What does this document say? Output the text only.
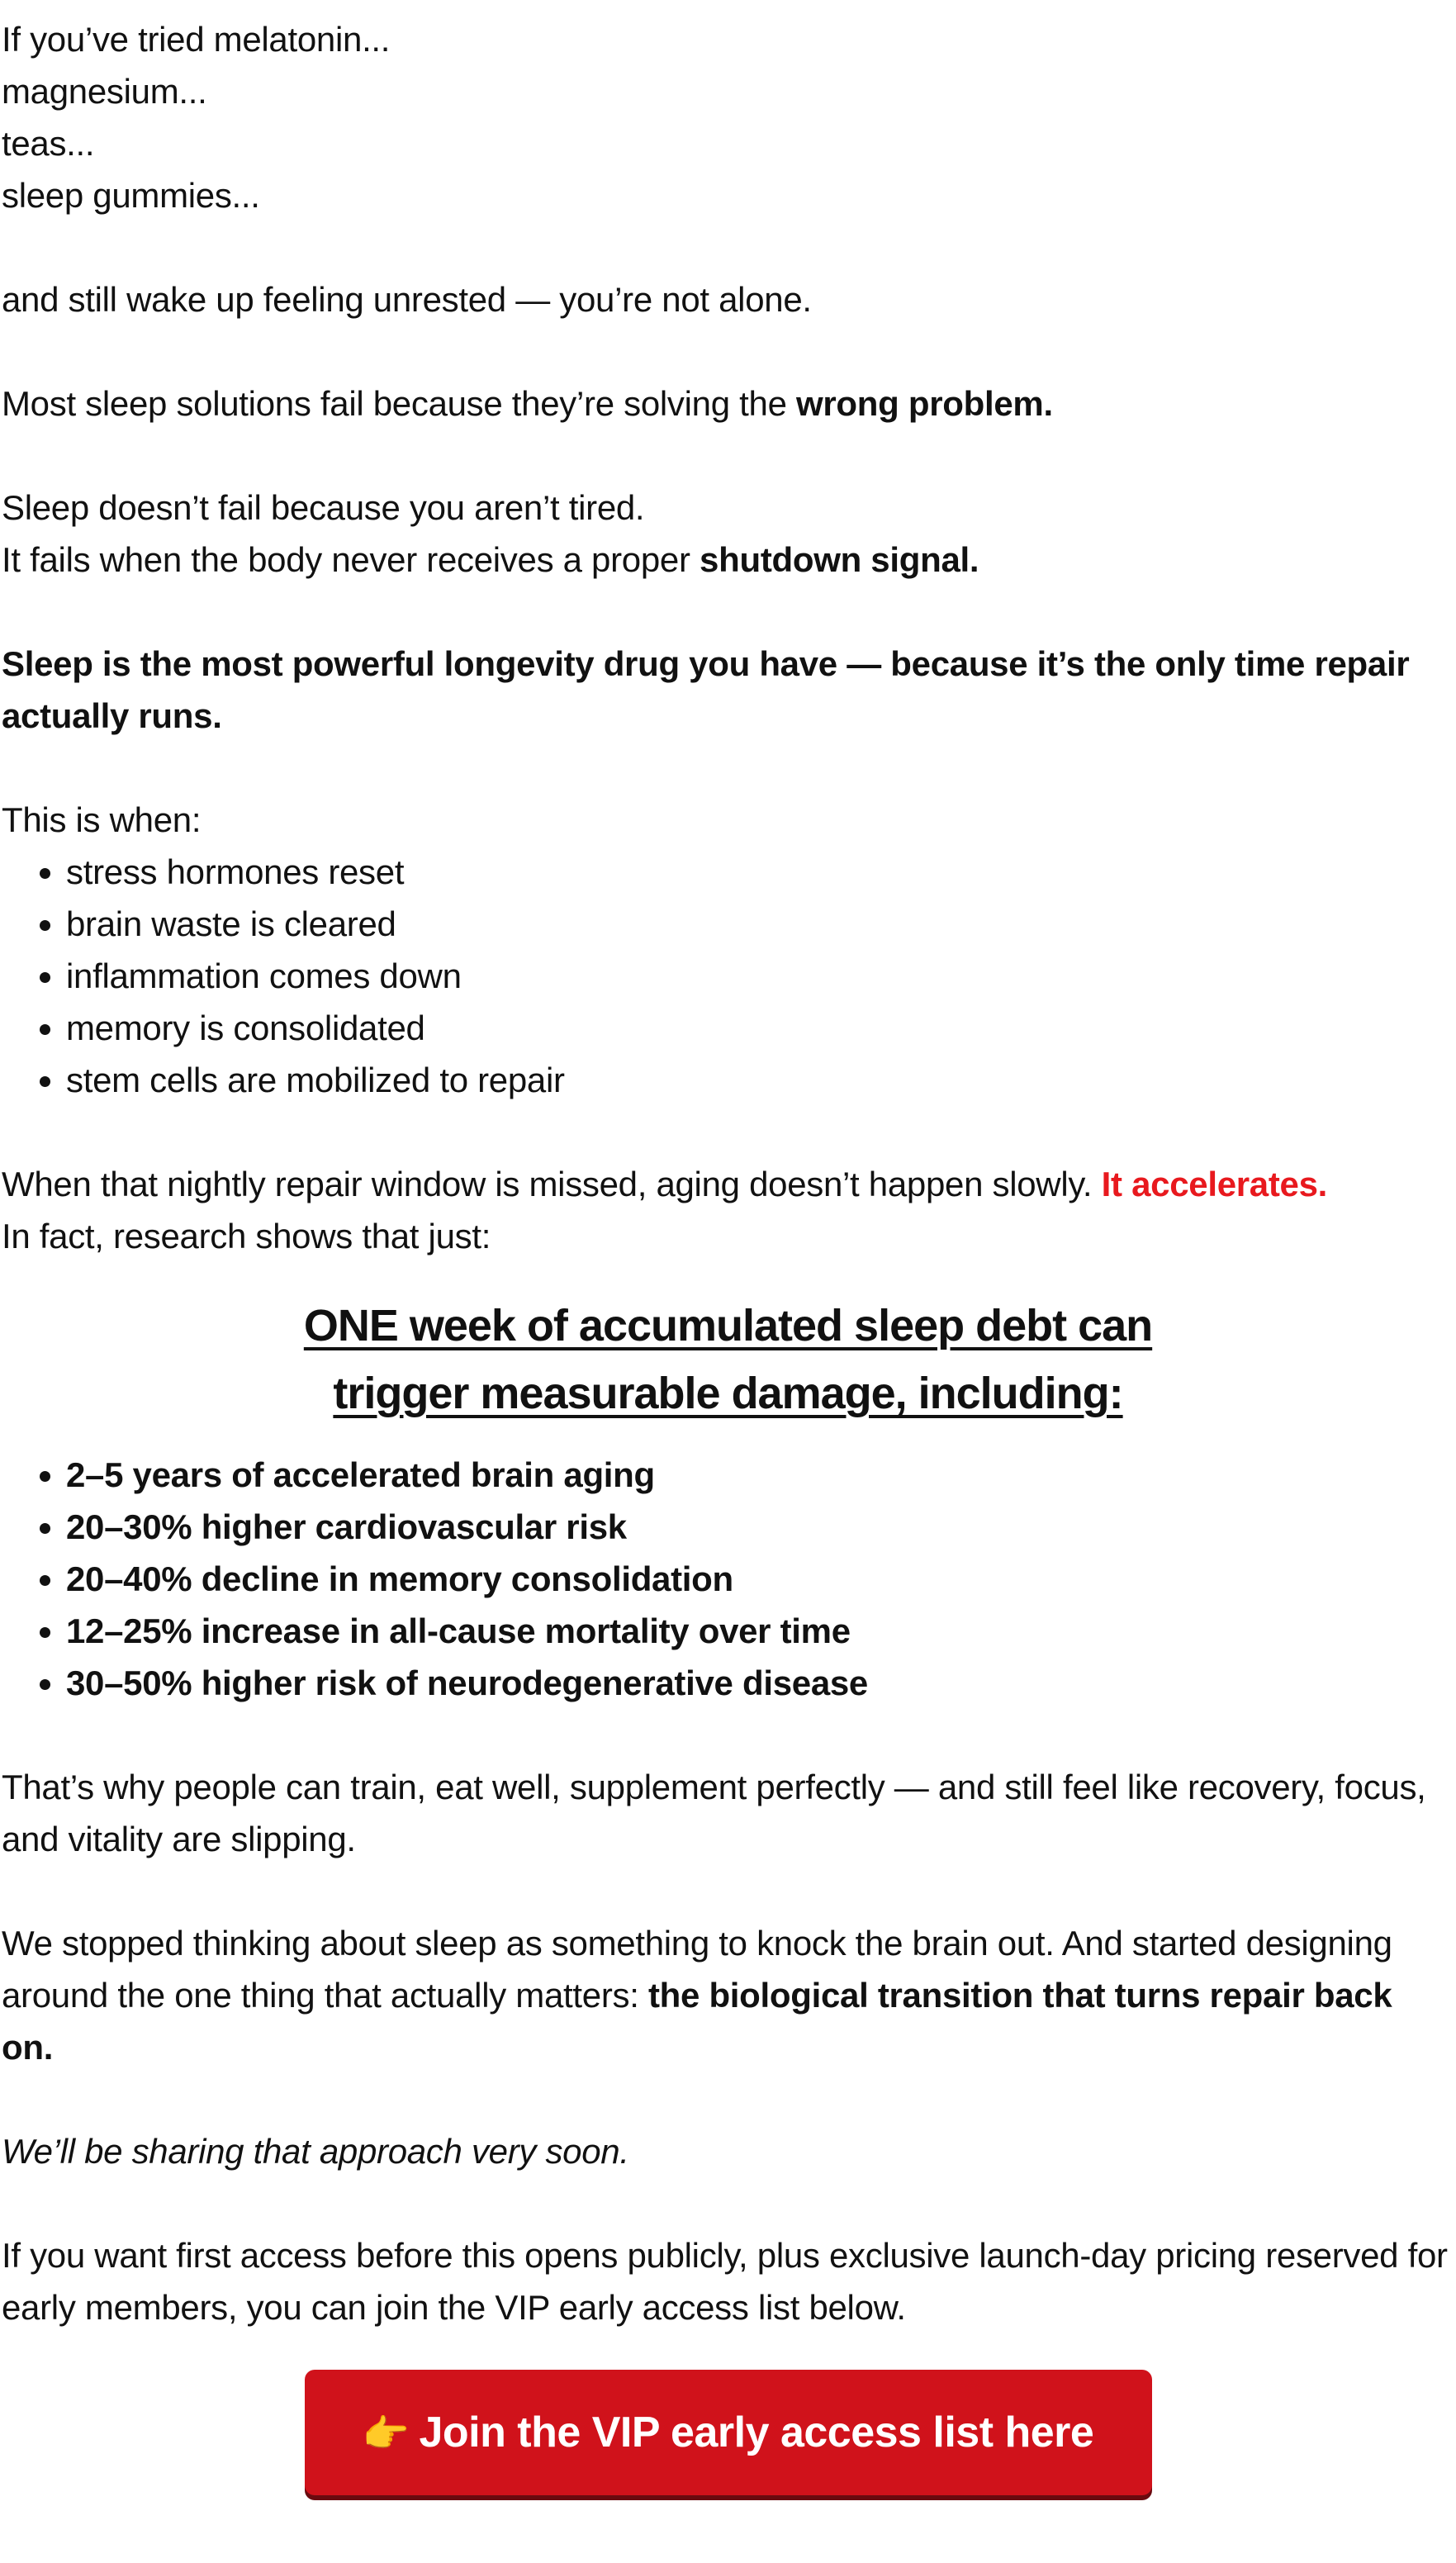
If you’ve tried melatonin...

magnesium...

teas...

sleep gummies...

and still wake up feeling unrested — you’re not alone.

Most sleep solutions fail because they’re solving the wrong problem.

Sleep doesn’t fail because you aren’t tired.

It fails when the body never receives a proper shutdown signal.

Sleep is the most powerful longevity drug you have — because it’s the only time repair actually runs.

This is when:

• stress hormones reset
• brain waste is cleared
• inflammation comes down
• memory is consolidated
• stem cells are mobilized to repair

When that nightly repair window is missed, aging doesn’t happen slowly. It accelerates.

In fact, research shows that just:

ONE week of accumulated sleep debt can
trigger measurable damage, including:
• 2–5 years of accelerated brain aging
• 20–30% higher cardiovascular risk
• 20–40% decline in memory consolidation
• 12–25% increase in all-cause mortality over time
• 30–50% higher risk of neurodegenerative disease

That’s why people can train, eat well, supplement perfectly — and still feel like recovery, focus, and vitality are slipping.

We stopped thinking about sleep as something to knock the brain out. And started designing around the one thing that actually matters: the biological transition that turns repair back on.

We’ll be sharing that approach very soon.

If you want first access before this opens publicly, plus exclusive launch-day pricing reserved for early members, you can join the VIP early access list below.

👉 Join the VIP early access list here
